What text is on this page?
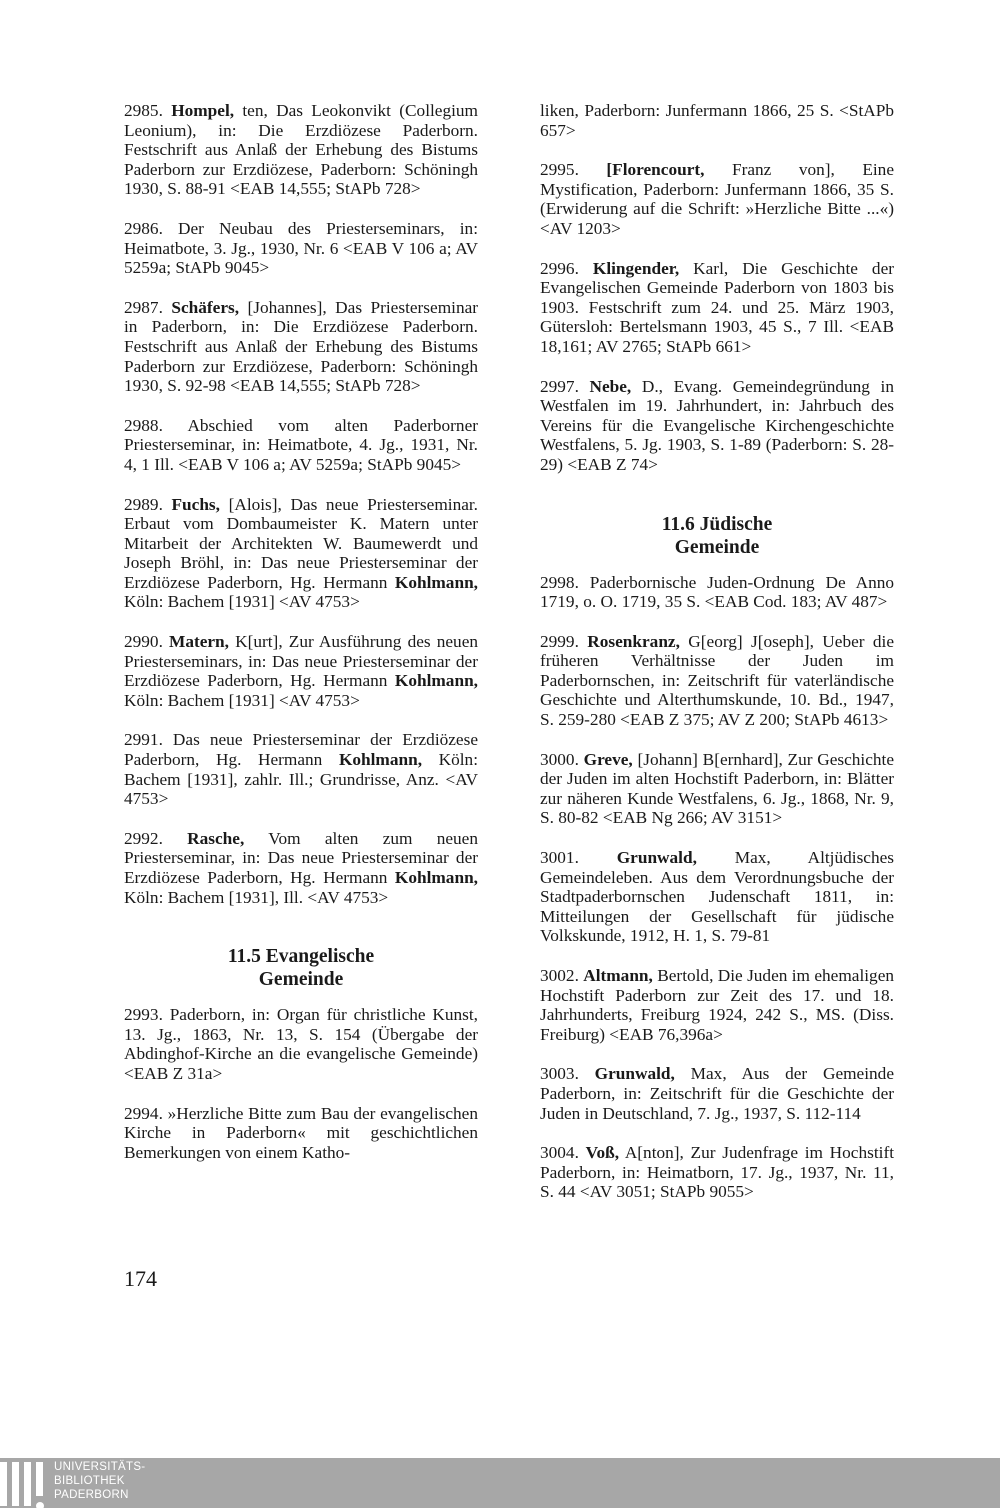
2985. Hompel, ten, Das Leokonvikt (Collegium Leonium), in: Die Erzdiözese Paderborn. Festschrift aus Anlaß der Erhebung des Bistums Paderborn zur Erzdiözese, Paderborn: Schöningh 1930, S. 88-91 <EAB 14,555; StAPb 728>
2986. Der Neubau des Priesterseminars, in: Heimatbote, 3. Jg., 1930, Nr. 6 <EAB V 106 a; AV 5259a; StAPb 9045>
2987. Schäfers, [Johannes], Das Priesterseminar in Paderborn, in: Die Erzdiözese Paderborn. Festschrift aus Anlaß der Erhebung des Bistums Paderborn zur Erzdiözese, Paderborn: Schöningh 1930, S. 92-98 <EAB 14,555; StAPb 728>
2988. Abschied vom alten Paderborner Priesterseminar, in: Heimatbote, 4. Jg., 1931, Nr. 4, 1 Ill. <EAB V 106 a; AV 5259a; StAPb 9045>
2989. Fuchs, [Alois], Das neue Priesterseminar. Erbaut vom Dombaumeister K. Matern unter Mitarbeit der Architekten W. Baumewerdt und Joseph Bröhl, in: Das neue Priesterseminar der Erzdiözese Paderborn, Hg. Hermann Kohlmann, Köln: Bachem [1931] <AV 4753>
2990. Matern, K[urt], Zur Ausführung des neuen Priesterseminars, in: Das neue Priesterseminar der Erzdiözese Paderborn, Hg. Hermann Kohlmann, Köln: Bachem [1931] <AV 4753>
2991. Das neue Priesterseminar der Erzdiözese Paderborn, Hg. Hermann Kohlmann, Köln: Bachem [1931], zahlr. Ill.; Grundrisse, Anz. <AV 4753>
2992. Rasche, Vom alten zum neuen Priesterseminar, in: Das neue Priesterseminar der Erzdiözese Paderborn, Hg. Hermann Kohlmann, Köln: Bachem [1931], Ill. <AV 4753>
11.5 Evangelische
Gemeinde
2993. Paderborn, in: Organ für christliche Kunst, 13. Jg., 1863, Nr. 13, S. 154 (Übergabe der Abdinghof-Kirche an die evangelische Gemeinde) <EAB Z 31a>
2994. »Herzliche Bitte zum Bau der evangelischen Kirche in Paderborn« mit geschichtlichen Bemerkungen von einem Katho-
liken, Paderborn: Junfermann 1866, 25 S. <StAPb 657>
2995. [Florencourt, Franz von], Eine Mystification, Paderborn: Junfermann 1866, 35 S. (Erwiderung auf die Schrift: »Herzliche Bitte ...«) <AV 1203>
2996. Klingender, Karl, Die Geschichte der Evangelischen Gemeinde Paderborn von 1803 bis 1903. Festschrift zum 24. und 25. März 1903, Gütersloh: Bertelsmann 1903, 45 S., 7 Ill. <EAB 18,161; AV 2765; StAPb 661>
2997. Nebe, D., Evang. Gemeindegründung in Westfalen im 19. Jahrhundert, in: Jahrbuch des Vereins für die Evangelische Kirchengeschichte Westfalens, 5. Jg. 1903, S. 1-89 (Paderborn: S. 28-29) <EAB Z 74>
11.6 Jüdische
Gemeinde
2998. Paderbornische Juden-Ordnung De Anno 1719, o. O. 1719, 35 S. <EAB Cod. 183; AV 487>
2999. Rosenkranz, G[eorg] J[oseph], Ueber die früheren Verhältnisse der Juden im Paderbornschen, in: Zeitschrift für vaterländische Geschichte und Alterthumskunde, 10. Bd., 1947, S. 259-280 <EAB Z 375; AV Z 200; StAPb 4613>
3000. Greve, [Johann] B[ernhard], Zur Geschichte der Juden im alten Hochstift Paderborn, in: Blätter zur näheren Kunde Westfalens, 6. Jg., 1868, Nr. 9, S. 80-82 <EAB Ng 266; AV 3151>
3001. Grunwald, Max, Altjüdisches Gemeindeleben. Aus dem Verordnungsbuche der Stadtpaderbornschen Judenschaft 1811, in: Mitteilungen der Gesellschaft für jüdische Volkskunde, 1912, H. 1, S. 79-81
3002. Altmann, Bertold, Die Juden im ehemaligen Hochstift Paderborn zur Zeit des 17. und 18. Jahrhunderts, Freiburg 1924, 242 S., MS. (Diss. Freiburg) <EAB 76,396a>
3003. Grunwald, Max, Aus der Gemeinde Paderborn, in: Zeitschrift für die Geschichte der Juden in Deutschland, 7. Jg., 1937, S. 112-114
3004. Voß, A[nton], Zur Judenfrage im Hochstift Paderborn, in: Heimatborn, 17. Jg., 1937, Nr. 11, S. 44 <AV 3051; StAPb 9055>
174
UNIVERSITÄTS-
BIBLIOTHEK
PADERBORN
